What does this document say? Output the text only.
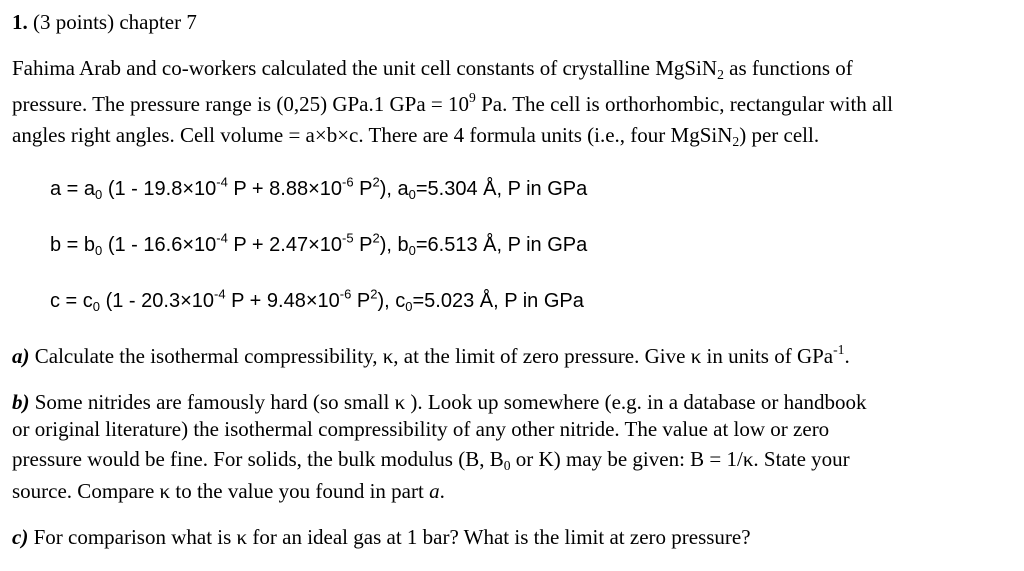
1. (3 points) chapter 7
Fahima Arab and co-workers calculated the unit cell constants of crystalline MgSiN$_2$ as functions of
pressure. The pressure range is (0,25) GPa.1 GPa = $10^9$ Pa. The cell is orthorhombic, rectangular with all
angles right angles. Cell volume = a×b×c. There are 4 formula units (i.e., four MgSiN$_2$) per cell.
$a = a_0$ ($1 - 19.8\times 10^{-4}$ $P + 8.88\times 10^{-6}$ $P^2$), $a_0=5.304$ Å, P in GPa
$b = b_0$ ($1 - 16.6\times 10^{-4}$ $P + 2.47\times 10^{-5}$ $P^2$), $b_0=6.513$ Å, P in GPa
$c = c_0$ ($1 - 20.3\times 10^{-4}$ $P + 9.48\times 10^{-6}$ $P^2$), $c_0=5.023$ Å, P in GPa
a) Calculate the isothermal compressibility, κ, at the limit of zero pressure. Give κ in units of GPa$^{-1}$.
b) Some nitrides are famously hard (so small κ ). Look up somewhere (e.g. in a database or handbook
or original literature) the isothermal compressibility of any other nitride. The value at low or zero
pressure would be fine. For solids, the bulk modulus (B, $B_0$ or K) may be given: B = 1/κ. State your
source. Compare κ to the value you found in part a.
c) For comparison what is κ for an ideal gas at 1 bar? What is the limit at zero pressure?
